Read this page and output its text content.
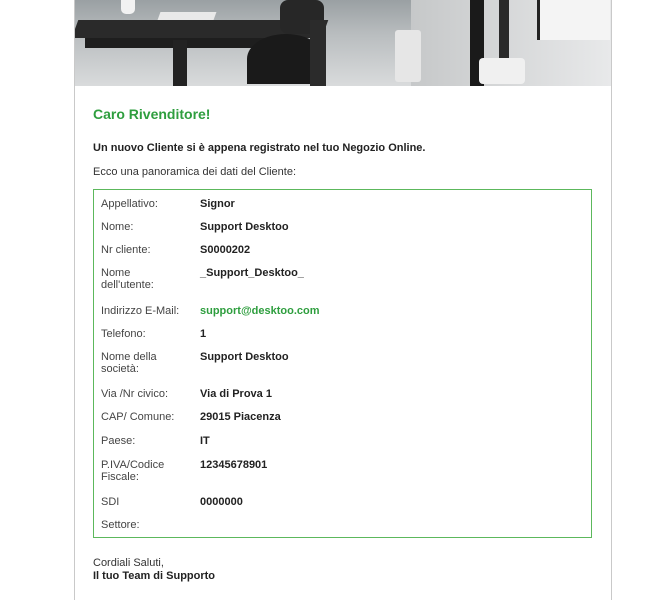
Caro Rivenditore!
Un nuovo Cliente si è appena registrato nel tuo Negozio Online.
Ecco una panoramica dei dati del Cliente:
Appellativo:	Signor
Nome:	Support Desktoo
Nr cliente:	S0000202
Nome dell'utente:
_Support_Desktoo_
Indirizzo E-Mail:	support@desktoo.com
Telefono:	1
Nome della società:
Support Desktoo
Via /Nr civico:	Via di Prova 1
CAP/ Comune:	29015 Piacenza
Paese:	IT
P.IVA/Codice Fiscale:
12345678901
SDI	0000000
Settore:
Cordiali Saluti,
Il tuo Team di Supporto
